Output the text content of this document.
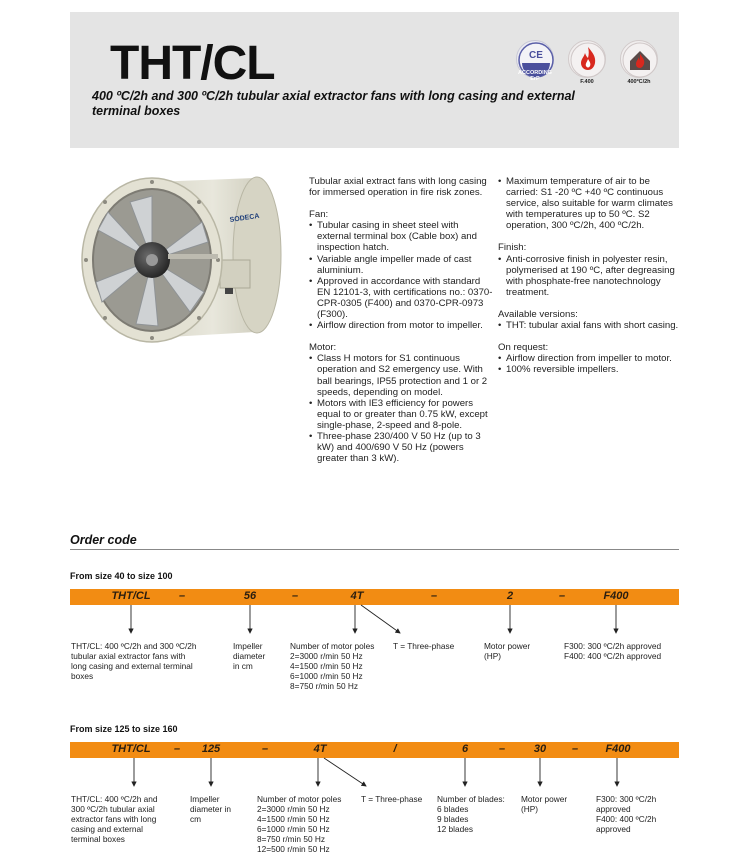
THT/CL
400 ºC/2h and 300 ºC/2h tubular axial extractor fans with long casing and external terminal boxes
CE
ACCORDING ErP	F.400	400ºC/2h
SODECA
Tubular axial extract fans with long casing for immersed operation in fire risk zones.
Fan:
• Tubular casing in sheet steel with external terminal box (Cable box) and inspection hatch.
• Variable angle impeller made of cast aluminium.
• Approved in accordance with standard EN 12101-3, with certifications no.: 0370-CPR-0305 (F400) and 0370-CPR-0973 (F300).
• Airflow direction from motor to impeller.
Motor:
• Class H motors for S1 continuous operation and S2 emergency use. With ball bearings, IP55 protection and 1 or 2 speeds, depending on model.
• Motors with IE3 efficiency for powers equal to or greater than 0.75 kW, except single-phase, 2-speed and 8-pole.
• Three-phase 230/400 V 50 Hz (up to 3 kW) and 400/690 V 50 Hz (powers greater than 3 kW).
• Maximum temperature of air to be carried: S1 -20 ºC +40 ºC continuous service, also suitable for warm climates with temperatures up to 50 ºC. S2 operation, 300 ºC/2h, 400 ºC/2h.
Finish:
• Anti-corrosive finish in polyester resin, polymerised at 190 ºC, after degreasing with phosphate-free nanotechnology treatment.
Available versions:
• THT: tubular axial fans with short casing.
On request:
• Airflow direction from impeller to motor.
• 100% reversible impellers.
Order code
From size 40 to size 100
THT/CL	–	56	–	4T	–	2	–	F400
THT/CL: 400 ºC/2h and 300 ºC/2h
tubular axial extractor fans with
long casing and external terminal
boxes
Impeller
diameter
in cm
Number of motor poles
2=3000 r/min 50 Hz
4=1500 r/min 50 Hz
6=1000 r/min 50 Hz
8=750 r/min 50 Hz
T = Three-phase	Motor power
(HP)
F300: 300 ºC/2h approved
F400: 400 ºC/2h approved
From size 125 to size 160
THT/CL – 125	–	4T	/	6	–	30 – F400
THT/CL: 400 ºC/2h and
300 ºC/2h tubular axial
extractor fans with long
casing and external
terminal boxes
Impeller
diameter in
cm
Number of motor poles
2=3000 r/min 50 Hz
4=1500 r/min 50 Hz
6=1000 r/min 50 Hz
8=750 r/min 50 Hz
12=500 r/min 50 Hz
T = Three-phase Number of blades:
6 blades
9 blades
12 blades
Motor power
(HP)
F300: 300 ºC/2h
approved
F400: 400 ºC/2h
approved
